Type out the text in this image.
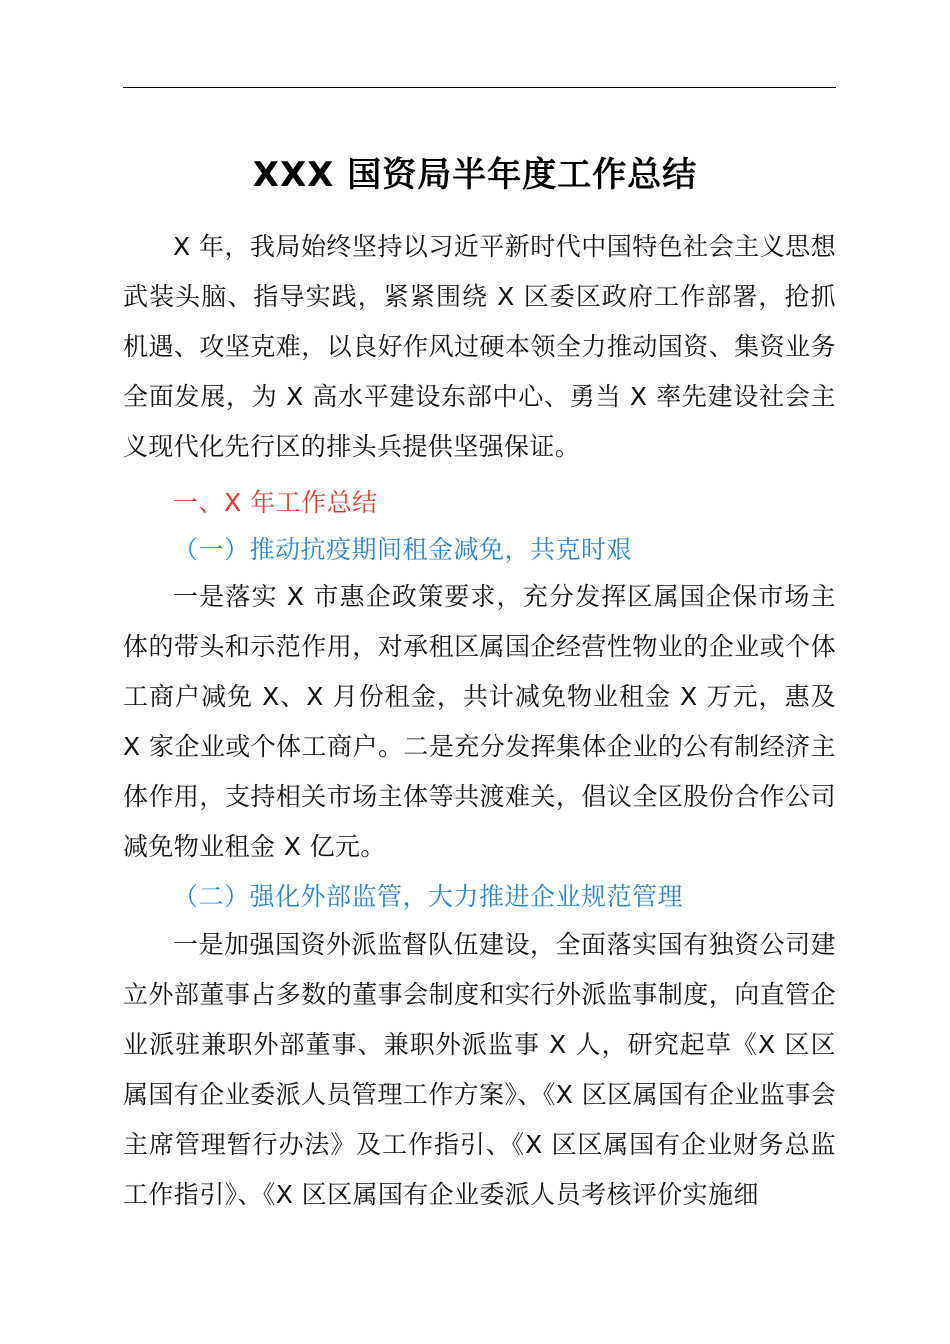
XXX 国资局半年度工作总结

X 年，我局始终坚持以习近平新时代中国特色社会主义思想武装头脑、指导实践，紧紧围绕 X 区委区政府工作部署，抢抓机遇、攻坚克难，以良好作风过硬本领全力推动国资、集资业务全面发展，为 X 高水平建设东部中心、勇当 X 率先建设社会主义现代化先行区的排头兵提供坚强保证。

一、X 年工作总结

（一）推动抗疫期间租金减免，共克时艰

一是落实 X 市惠企政策要求，充分发挥区属国企保市场主体的带头和示范作用，对承租区属国企经营性物业的企业或个体工商户减免 X、X 月份租金，共计减免物业租金 X 万元，惠及 X 家企业或个体工商户。二是充分发挥集体企业的公有制经济主体作用，支持相关市场主体等共渡难关，倡议全区股份合作公司减免物业租金 X 亿元。

（二）强化外部监管，大力推进企业规范管理

一是加强国资外派监督队伍建设，全面落实国有独资公司建立外部董事占多数的董事会制度和实行外派监事制度，向直管企业派驻兼职外部董事、兼职外派监事 X 人，研究起草《X 区区属国有企业委派人员管理工作方案》、《X 区区属国有企业监事会主席管理暂行办法》及工作指引、《X 区区属国有企业财务总监工作指引》、《X 区区属国有企业委派人员考核评价实施细
